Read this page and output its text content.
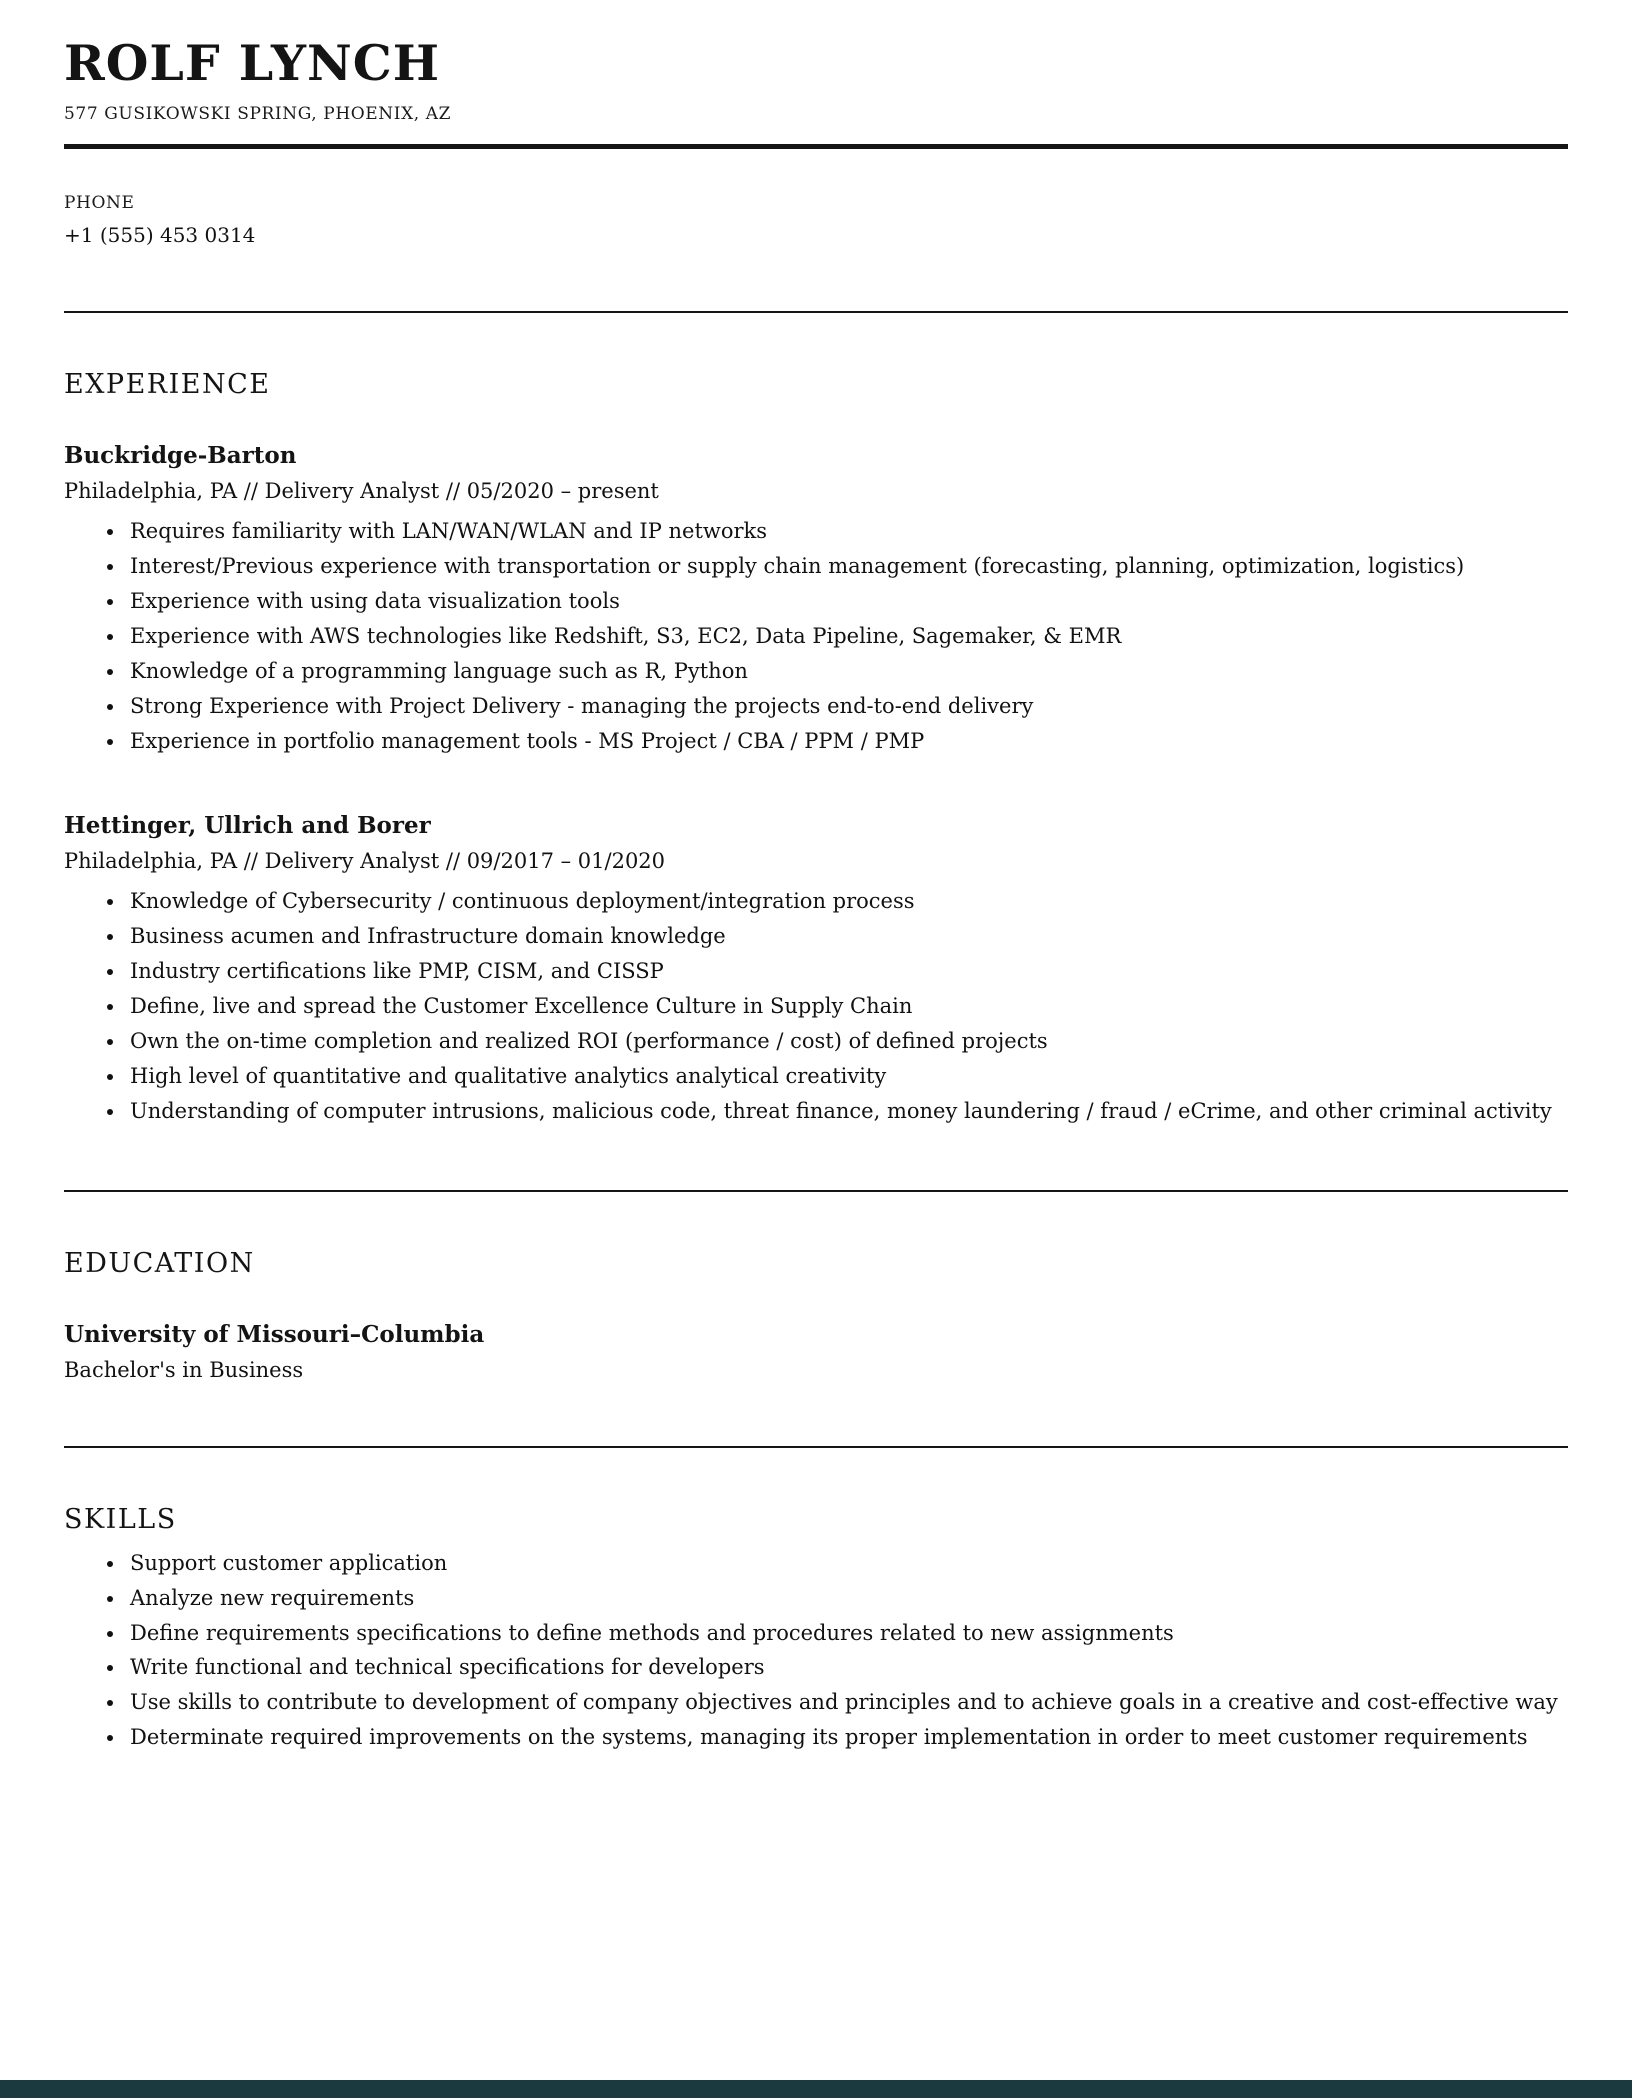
ROLF LYNCH
577 GUSIKOWSKI SPRING, PHOENIX, AZ
PHONE
+1 (555) 453 0314
EXPERIENCE
Buckridge-Barton
Philadelphia, PA // Delivery Analyst // 05/2020 – present
• Requires familiarity with LAN/WAN/WLAN and IP networks
• Interest/Previous experience with transportation or supply chain management (forecasting, planning, optimization, logistics)
• Experience with using data visualization tools
• Experience with AWS technologies like Redshift, S3, EC2, Data Pipeline, Sagemaker, & EMR
• Knowledge of a programming language such as R, Python
• Strong Experience with Project Delivery - managing the projects end-to-end delivery
• Experience in portfolio management tools - MS Project / CBA / PPM / PMP
Hettinger, Ullrich and Borer
Philadelphia, PA // Delivery Analyst // 09/2017 – 01/2020
• Knowledge of Cybersecurity / continuous deployment/integration process
• Business acumen and Infrastructure domain knowledge
• Industry certifications like PMP, CISM, and CISSP
• Define, live and spread the Customer Excellence Culture in Supply Chain
• Own the on-time completion and realized ROI (performance / cost) of defined projects
• High level of quantitative and qualitative analytics analytical creativity
• Understanding of computer intrusions, malicious code, threat finance, money laundering / fraud / eCrime, and other criminal activity
EDUCATION
University of Missouri–Columbia
Bachelor's in Business
SKILLS
• Support customer application
• Analyze new requirements
• Define requirements specifications to define methods and procedures related to new assignments
• Write functional and technical specifications for developers
• Use skills to contribute to development of company objectives and principles and to achieve goals in a creative and cost-effective way
• Determinate required improvements on the systems, managing its proper implementation in order to meet customer requirements
